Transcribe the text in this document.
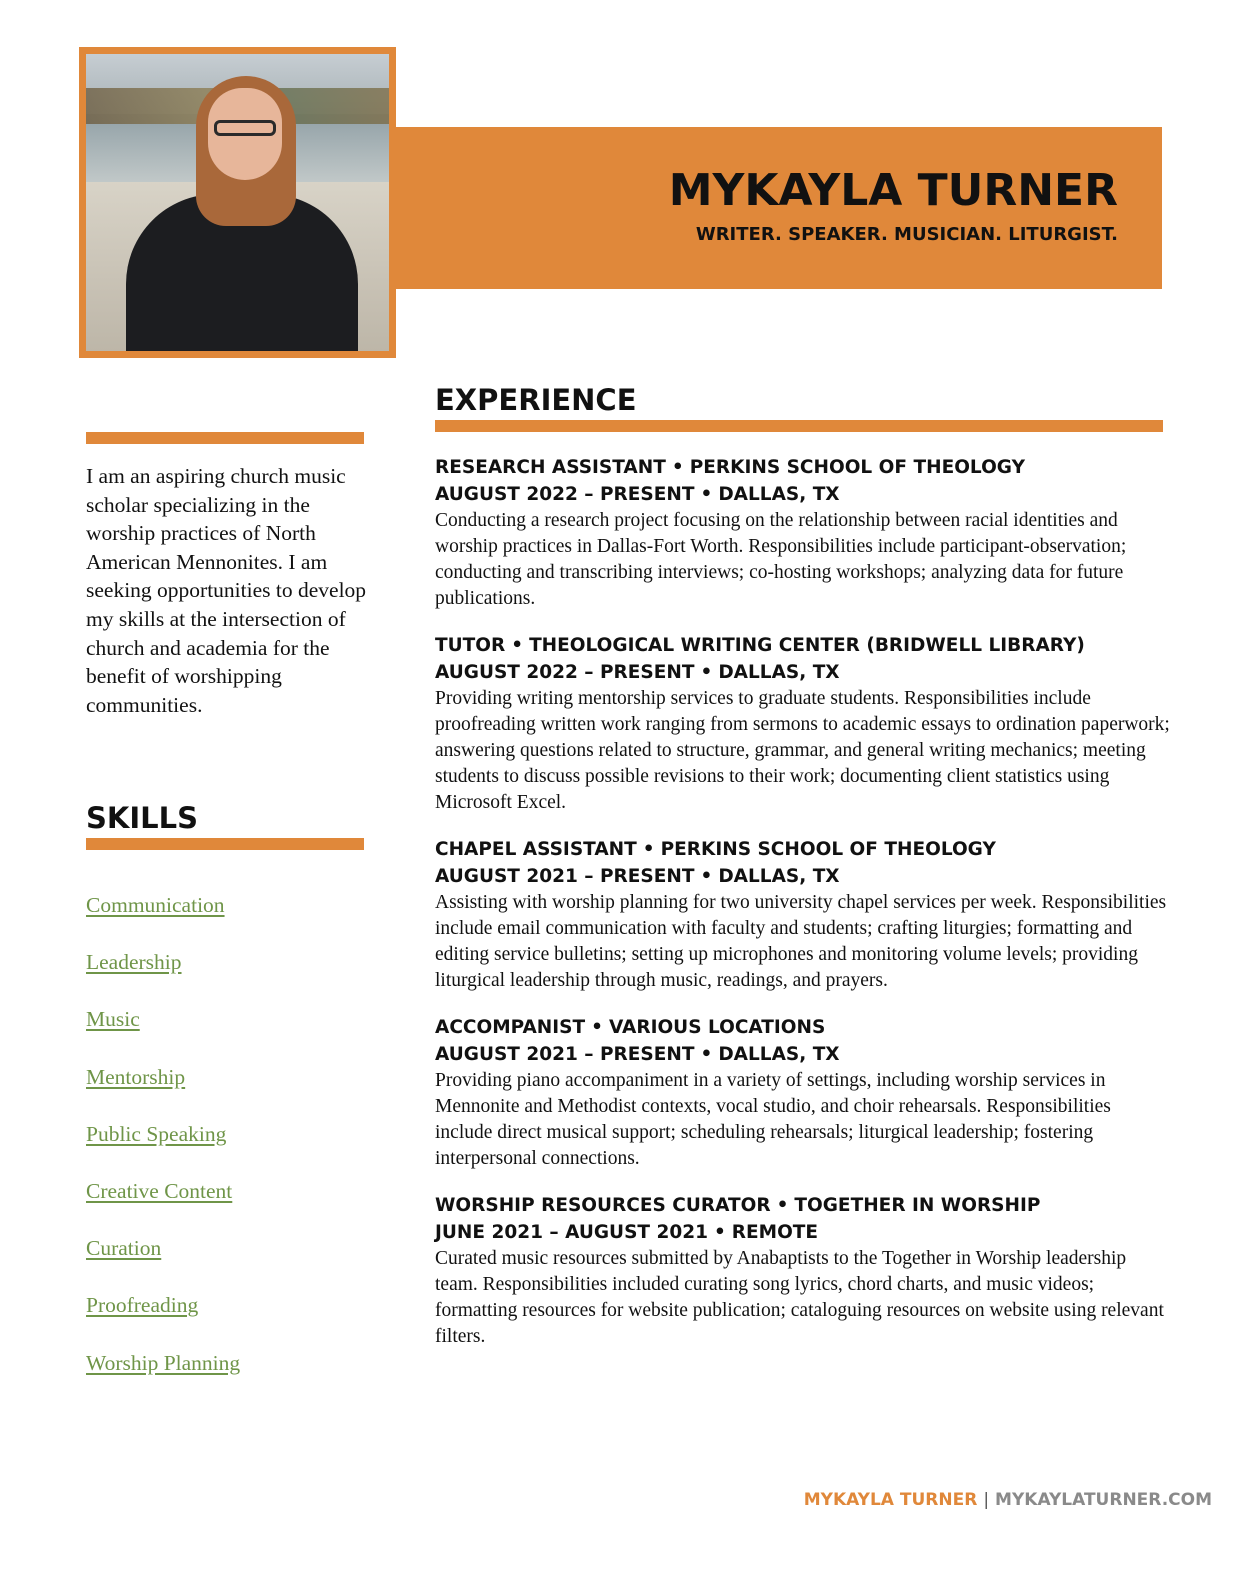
MYKAYLA TURNER

WRITER. SPEAKER. MUSICIAN. LITURGIST.

I am an aspiring church music scholar specializing in the worship practices of North American Mennonites. I am seeking opportunities to develop my skills at the intersection of church and academia for the benefit of worshipping communities.

SKILLS
Communication
Leadership
Music
Mentorship
Public Speaking
Creative Content
Curation
Proofreading
Worship Planning
EXPERIENCE
RESEARCH ASSISTANT • PERKINS SCHOOL OF THEOLOGY
AUGUST 2022 – PRESENT • DALLAS, TX

Conducting a research project focusing on the relationship between racial identities and worship practices in Dallas-Fort Worth. Responsibilities include participant-observation; conducting and transcribing interviews; co-hosting workshops; analyzing data for future publications.

TUTOR • THEOLOGICAL WRITING CENTER (BRIDWELL LIBRARY)
AUGUST 2022 – PRESENT • DALLAS, TX

Providing writing mentorship services to graduate students. Responsibilities include proofreading written work ranging from sermons to academic essays to ordination paperwork; answering questions related to structure, grammar, and general writing mechanics; meeting students to discuss possible revisions to their work; documenting client statistics using Microsoft Excel.

CHAPEL ASSISTANT • PERKINS SCHOOL OF THEOLOGY
AUGUST 2021 – PRESENT • DALLAS, TX

Assisting with worship planning for two university chapel services per week. Responsibilities include email communication with faculty and students; crafting liturgies; formatting and editing service bulletins; setting up microphones and monitoring volume levels; providing liturgical leadership through music, readings, and prayers.

ACCOMPANIST • VARIOUS LOCATIONS
AUGUST 2021 – PRESENT • DALLAS, TX

Providing piano accompaniment in a variety of settings, including worship services in Mennonite and Methodist contexts, vocal studio, and choir rehearsals. Responsibilities include direct musical support; scheduling rehearsals; liturgical leadership; fostering interpersonal connections.

WORSHIP RESOURCES CURATOR • TOGETHER IN WORSHIP
JUNE 2021 – AUGUST 2021 • REMOTE

Curated music resources submitted by Anabaptists to the Together in Worship leadership team. Responsibilities included curating song lyrics, chord charts, and music videos; formatting resources for website publication; cataloguing resources on website using relevant filters.

MYKAYLA TURNER | MYKAYLATURNER.COM
